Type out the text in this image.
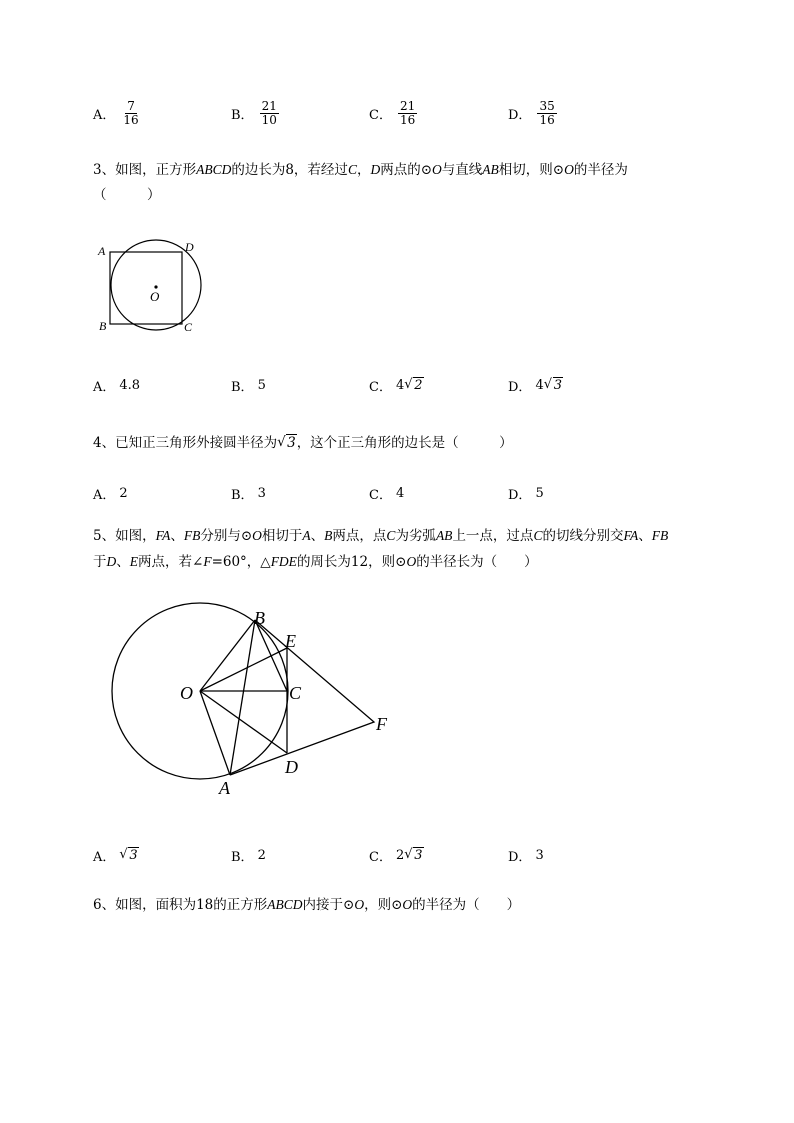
A． $\frac{7}{16}$	B． $\frac{21}{10}$	C． $\frac{21}{16}$	D． $\frac{35}{16}$
3、如图，正方形ABCD的边长为8，若经过C，D两点的⊙O与直线AB相切，则⊙O的半径为
（　　　）
A	D
B	C
O
A． 4.8	B． 5	C． 4 √ 2	D． 4 √ 3
4、已知正三角形外接圆半径为 √ 3，这个正三角形的边长是（　　　）
A． 2	B． 3	C． 4	D． 5
5、如图，FA、FB分别与⊙O相切于A、B两点，点C为劣弧AB上一点，过点C的切线分别交FA、FB
于D、E两点，若∠F=60°，△FDE的周长为12，则⊙O的半径长为（　　）
B
E
O	C
F
D
A
A． √ 3	B． 2	C． 2 √ 3	D． 3
6、如图，面积为18的正方形ABCD内接于⊙O，则⊙O的半径为（　　）
